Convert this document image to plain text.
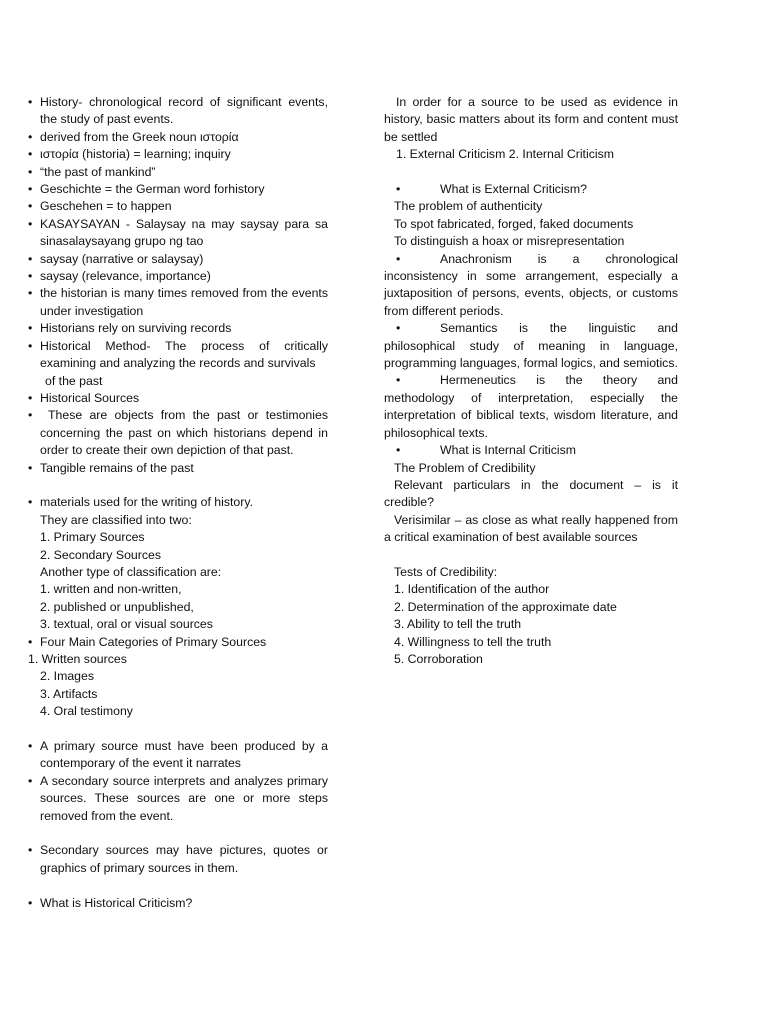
• History- chronological record of significant events, the study of past events.
• derived from the Greek noun ιστορία
• ιστορία (historia) = learning; inquiry
• “the past of mankind”
• Geschichte = the German word forhistory
• Geschehen = to happen
• KASAYSAYAN - Salaysay na may saysay para sa sinasalaysayang grupo ng tao
• saysay (narrative or salaysay)
• saysay (relevance, importance)
• the historian is many times removed from the events under investigation
• Historians rely on surviving records
• Historical Method- The process of critically examining and analyzing the records and survivals
of the past
• Historical Sources
•	These are objects from the past or testimonies concerning the past on which historians depend in order to create their own depiction of that past.
• Tangible remains of the past
• materials used for the writing of history.
They are classified into two:
1. Primary Sources
2. Secondary Sources
Another type of classification are:
1. written and non-written,
2. published or unpublished,
3. textual, oral or visual sources
• Four Main Categories of Primary Sources
1. Written sources
2. Images
3. Artifacts
4. Oral testimony
• A primary source must have been produced by a contemporary of the event it narrates
• A secondary source interprets and analyzes primary sources. These sources are one or more steps removed from the event.
• Secondary sources may have pictures, quotes or graphics of primary sources in them.
• What is Historical Criticism?
In order for a source to be used as evidence in history, basic matters about its form and content must be settled
1. External Criticism 2. Internal Criticism
•	What is External Criticism?
The problem of authenticity
To spot fabricated, forged, faked documents
To distinguish a hoax or misrepresentation
•	Anachronism is a chronological inconsistency in some arrangement, especially a juxtaposition of persons, events, objects, or customs from different periods.
•	Semantics is the linguistic and philosophical study of meaning in language, programming languages, formal logics, and semiotics.
•	Hermeneutics is the theory and methodology of interpretation, especially the interpretation of biblical texts, wisdom literature, and philosophical texts.
•	What is Internal Criticism
The Problem of Credibility
Relevant particulars in the document – is it credible?
Verisimilar – as close as what really happened from a critical examination of best available sources
Tests of Credibility:
1. Identification of the author
2. Determination of the approximate date
3. Ability to tell the truth
4. Willingness to tell the truth
5. Corroboration
